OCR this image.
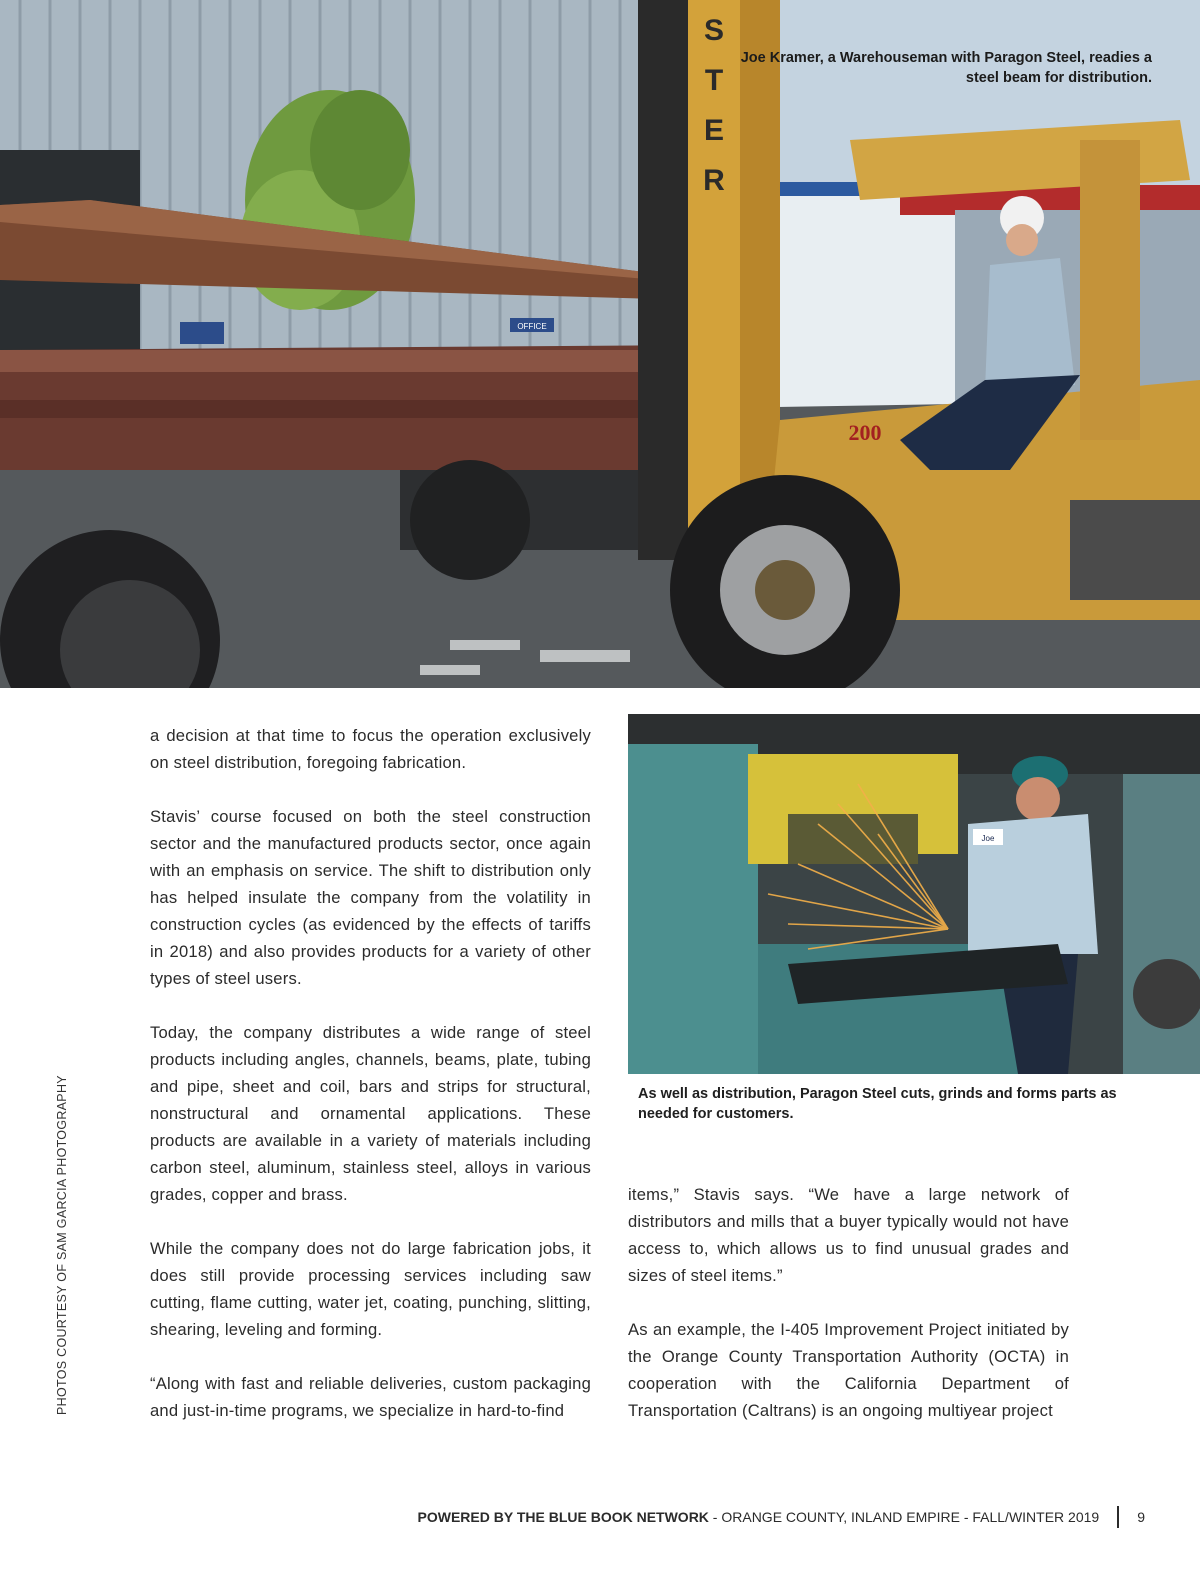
OFFICE
S
T
E
R
200
Joe Kramer, a Warehouseman with Paragon Steel, readies a steel beam for distribution.
Joe
As well as distribution, Paragon Steel cuts, grinds and forms parts as needed for customers.

a decision at that time to focus the operation exclusively on steel distribution, foregoing fabrication.

Stavis’ course focused on both the steel construction sector and the manufactured products sector, once again with an emphasis on service. The shift to distribution only has helped insulate the company from the volatility in construction cycles (as evidenced by the effects of tariffs in 2018) and also provides products for a variety of other types of steel users.

Today, the company distributes a wide range of steel products including angles, channels, beams, plate, tubing and pipe, sheet and coil, bars and strips for structural, nonstructural and ornamental applications. These products are available in a variety of materials including carbon steel, aluminum, stainless steel, alloys in various grades, copper and brass.

While the company does not do large fabrication jobs, it does still provide processing services including saw cutting, flame cutting, water jet, coating, punching, slitting, shearing, leveling and forming.

“Along with fast and reliable deliveries, custom packaging and just-in-time programs, we specialize in hard-to-find

items,” Stavis says. “We have a large network of distributors and mills that a buyer typically would not have access to, which allows us to find unusual grades and sizes of steel items.”

As an example, the I-405 Improvement Project initiated by the Orange County Transportation Authority (OCTA) in cooperation with the California Department of Transportation (Caltrans) is an ongoing multiyear project

PHOTOS COURTESY OF SAM GARCIA PHOTOGRAPHY
POWERED BY THE BLUE BOOK NETWORK - ORANGE COUNTY, INLAND EMPIRE - FALL/WINTER 2019	9
